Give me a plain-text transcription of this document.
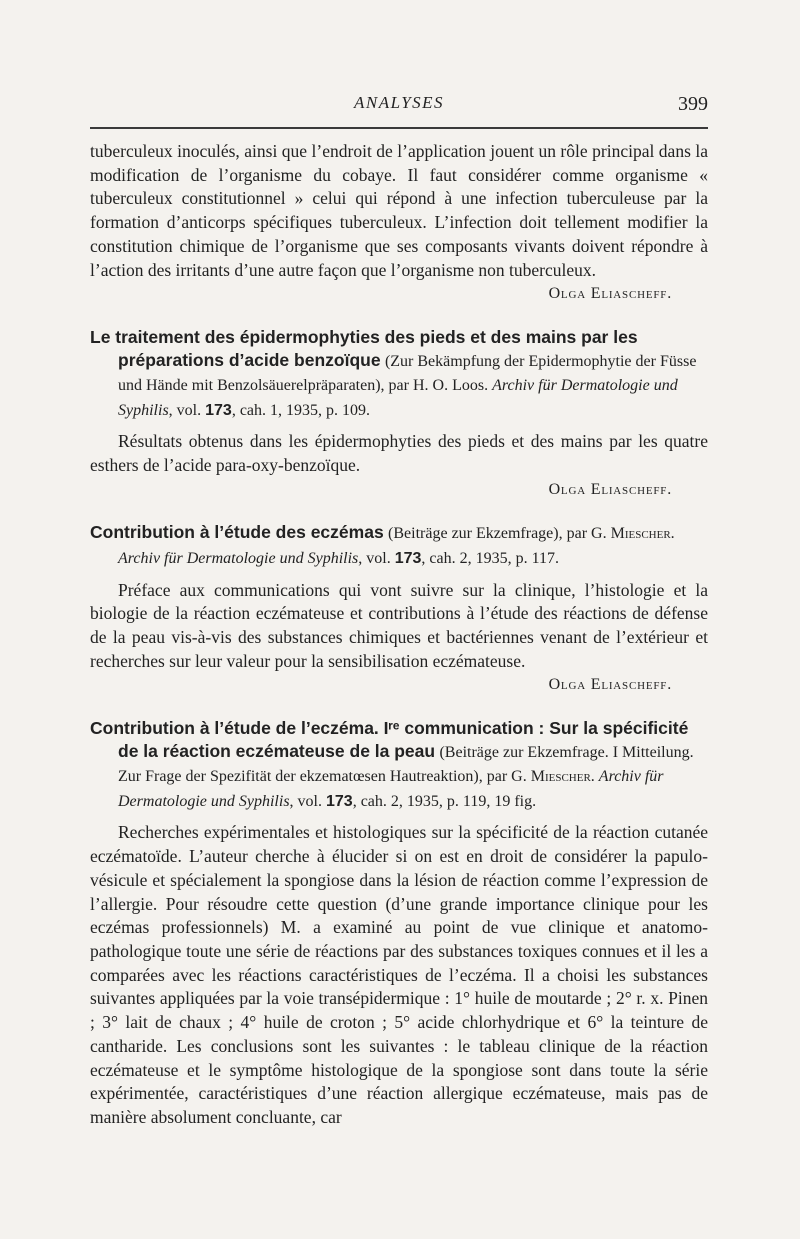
ANALYSES	399

tuberculeux inoculés, ainsi que l’endroit de l’application jouent un rôle principal dans la modification de l’organisme du cobaye. Il faut considérer comme organisme « tuberculeux constitutionnel » celui qui répond à une infection tuberculeuse par la formation d’anticorps spécifiques tuberculeux. L’infection doit tellement modifier la constitution chimique de l’organisme que ses composants vivants doivent répondre à l’action des irritants d’une autre façon que l’organisme non tuberculeux.
Olga Eliascheff.

Le traitement des épidermophyties des pieds et des mains par les préparations d’acide benzoïque (Zur Bekämpfung der Epidermophytie der Füsse und Hände mit Benzolsäuerelpräparaten), par H. O. Loos. Archiv für Dermatologie und Syphilis, vol. 173, cah. 1, 1935, p. 109.

Résultats obtenus dans les épidermophyties des pieds et des mains par les quatre esthers de l’acide para-oxy-benzoïque.

Olga Eliascheff.

Contribution à l’étude des eczémas (Beiträge zur Ekzemfrage), par G. Miescher. Archiv für Dermatologie und Syphilis, vol. 173, cah. 2, 1935, p. 117.

Préface aux communications qui vont suivre sur la clinique, l’histologie et la biologie de la réaction eczémateuse et contributions à l’étude des réactions de défense de la peau vis-à-vis des substances chimiques et bactériennes venant de l’extérieur et recherches sur leur valeur pour la sensibilisation eczémateuse.
Olga Eliascheff.

Contribution à l’étude de l’eczéma. Iʳᵉ communication : Sur la spécificité de la réaction eczémateuse de la peau (Beiträge zur Ekzemfrage. I Mitteilung. Zur Frage der Spezifität der ekzematœsen Hautreaktion), par G. Miescher. Archiv für Dermatologie und Syphilis, vol. 173, cah. 2, 1935, p. 119, 19 fig.

Recherches expérimentales et histologiques sur la spécificité de la réaction cutanée eczématoïde. L’auteur cherche à élucider si on est en droit de considérer la papulo-vésicule et spécialement la spongiose dans la lésion de réaction comme l’expression de l’allergie. Pour résoudre cette question (d’une grande importance clinique pour les eczémas professionnels) M. a examiné au point de vue clinique et anatomo-pathologique toute une série de réactions par des substances toxiques connues et il les a comparées avec les réactions caractéristiques de l’eczéma. Il a choisi les substances suivantes appliquées par la voie transépidermique : 1° huile de moutarde ; 2° r. x. Pinen ; 3° lait de chaux ; 4° huile de croton ; 5° acide chlorhydrique et 6° la teinture de cantharide. Les conclusions sont les suivantes : le tableau clinique de la réaction eczémateuse et le symptôme histologique de la spongiose sont dans toute la série expérimentée, caractéristiques d’une réaction allergique eczémateuse, mais pas de manière absolument concluante, car
